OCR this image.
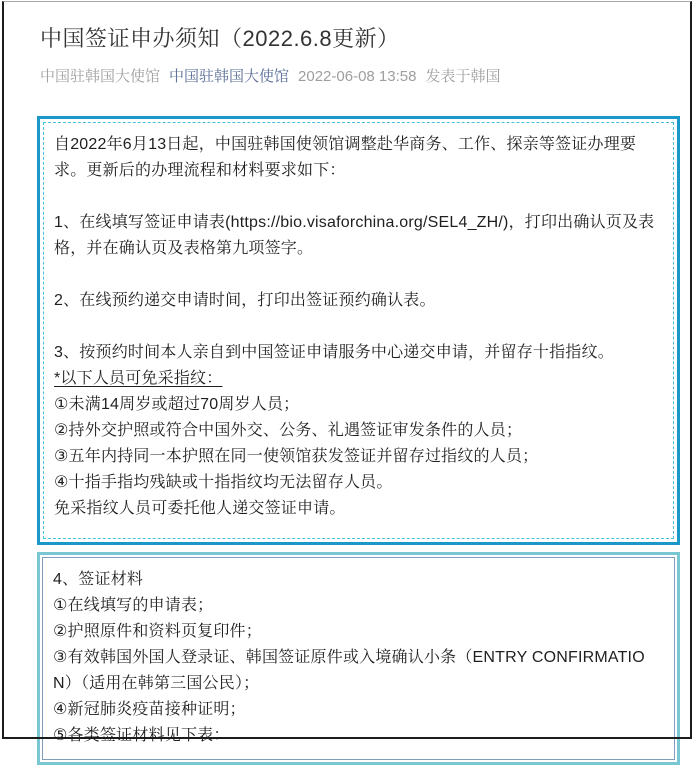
中国签证申办须知（2022.6.8更新）
中国驻韩国大使馆 中国驻韩国大使馆 2022-06-08 13:58 发表于韩国

自2022年6月13日起，中国驻韩国使领馆调整赴华商务、工作、探亲等签证办理要求。更新后的办理流程和材料要求如下：

1、在线填写签证申请表(https://bio.visaforchina.org/SEL4_ZH/)，打印出确认页及表格，并在确认页及表格第九项签字。

2、在线预约递交申请时间，打印出签证预约确认表。

3、按预约时间本人亲自到中国签证申请服务中心递交申请，并留存十指指纹。

*以下人员可免采指纹：

①未满14周岁或超过70周岁人员；

②持外交护照或符合中国外交、公务、礼遇签证审发条件的人员；

③五年内持同一本护照在同一使领馆获发签证并留存过指纹的人员；

④十指手指均残缺或十指指纹均无法留存人员。

免采指纹人员可委托他人递交签证申请。

4、签证材料

①在线填写的申请表；

②护照原件和资料页复印件；

③有效韩国外国人登录证、韩国签证原件或入境确认小条（ENTRY CONFIRMATION）（适用在韩第三国公民）；

④新冠肺炎疫苗接种证明；

⑤各类签证材料见下表：
